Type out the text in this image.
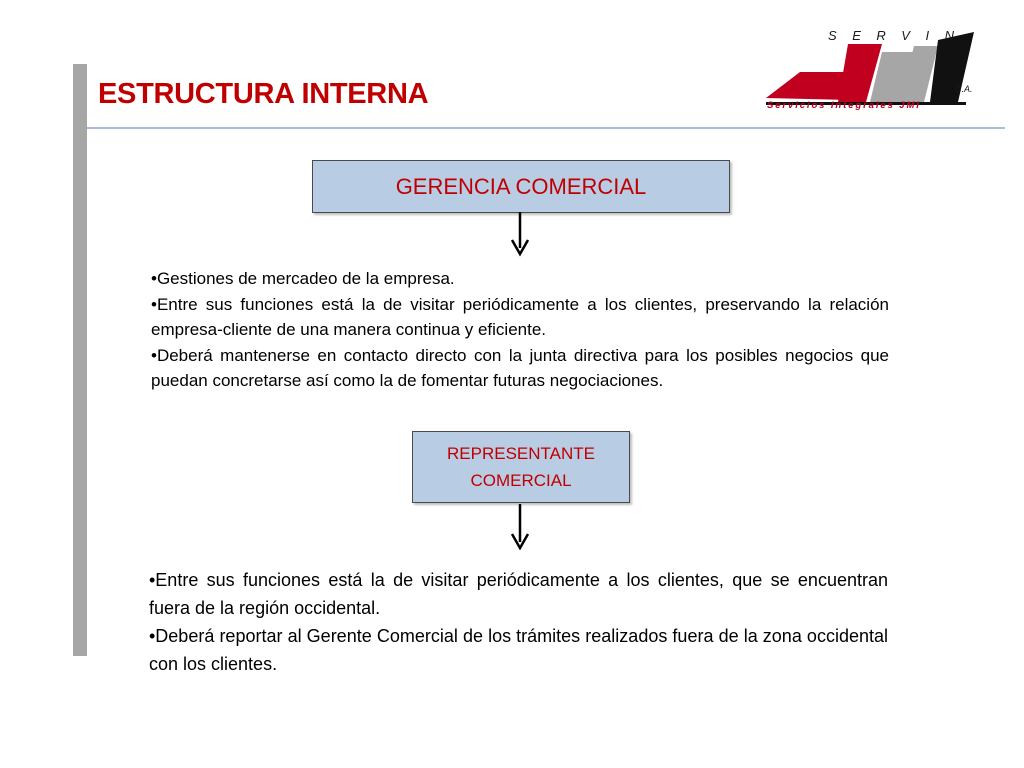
ESTRUCTURA INTERNA
S E R V I N
C.A.
Servicios Integrales JMI
GERENCIA COMERCIAL

•Gestiones de mercadeo de la empresa.

•Entre sus funciones está la de visitar periódicamente a los clientes, preservando la relación empresa-cliente de una manera continua y eficiente.

•Deberá mantenerse en contacto directo con la junta directiva para los posibles negocios que puedan concretarse así como la de fomentar futuras negociaciones.

REPRESENTANTE
COMERCIAL

•Entre sus funciones está la de visitar periódicamente a los clientes, que se encuentran fuera de la región occidental.

•Deberá reportar al Gerente Comercial de los trámites realizados fuera de la zona occidental con los clientes.
